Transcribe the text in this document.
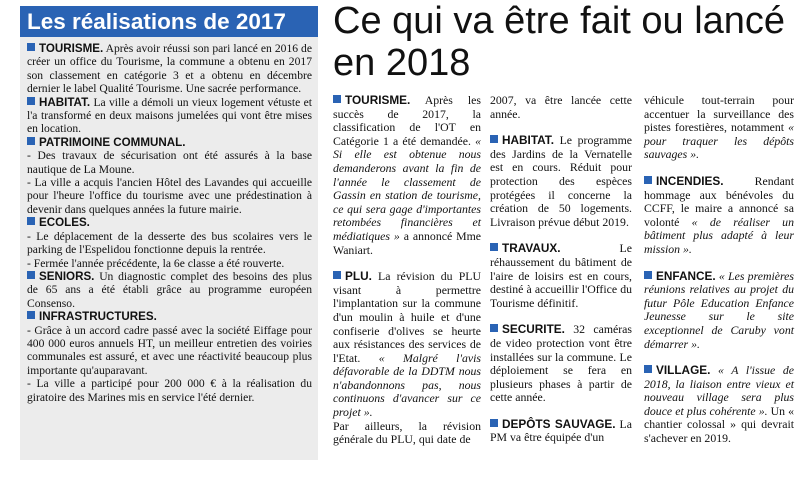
Les réalisations de 2017

TOURISME. Après avoir réussi son pari lancé en 2016 de créer un office du Tourisme, la commune a obtenu en 2017 son classement en catégorie 3 et a obtenu en décembre dernier le label Qualité Tourisme. Une sacrée performance.

HABITAT. La ville a démoli un vieux logement vétuste et l'a transformé en deux maisons jumelées qui vont être mises en location.

PATRIMOINE COMMUNAL.

- Des travaux de sécurisation ont été assurés à la base nautique de La Moune.

- La ville a acquis l'ancien Hôtel des Lavandes qui accueille pour l'heure l'office du tourisme avec une prédestination à devenir dans quelques années la future mairie.

ECOLES.

- Le déplacement de la desserte des bus scolaires vers le parking de l'Espelidou fonctionne depuis la rentrée.

- Fermée l'année précédente, la 6e classe a été rouverte.

SENIORS. Un diagnostic complet des besoins des plus de 65 ans a été établi grâce au programme européen Consenso.

INFRASTRUCTURES.

- Grâce à un accord cadre passé avec la société Eiffage pour 400 000 euros annuels HT, un meilleur entretien des voiries communales est assuré, et avec une réactivité beaucoup plus importante qu'auparavant.

- La ville a participé pour 200 000 € à la réalisation du giratoire des Marines mis en service l'été dernier.

Ce qui va être fait ou lancé en 2018

TOURISME. Après les succès de 2017, la classification de l'OT en Catégorie 1 a été demandée. « Si elle est obtenue nous demanderons avant la fin de l'année le classement de Gassin en station de tourisme, ce qui sera gage d'importantes retombées financières et médiatiques » a annoncé Mme Waniart.

PLU. La révision du PLU visant à permettre l'implantation sur la commune d'un moulin à huile et d'une confiserie d'olives se heurte aux résistances des services de l'Etat. « Malgré l'avis défavorable de la DDTM nous n'abandonnons pas, nous continuons d'avancer sur ce projet ».

Par ailleurs, la révision générale du PLU, qui date de

2007, va être lancée cette année.

HABITAT. Le programme des Jardins de la Vernatelle est en cours. Réduit pour protection des espèces protégées il concerne la création de 50 logements. Livraison prévue début 2019.

TRAVAUX.	Le réhaussement du bâtiment de l'aire de loisirs est en cours, destiné à accueillir l'Office du Tourisme définitif.

SECURITE. 32 caméras de video protection vont être installées sur la commune. Le déploiement se fera en plusieurs phases à partir de cette année.

DEPÔTS SAUVAGE. La PM va être équipée d'un

véhicule tout-terrain pour accentuer la surveillance des pistes forestières, notamment « pour traquer les dépôts sauvages ».

INCENDIES.	Rendant hommage aux bénévoles du CCFF, le maire a annoncé sa volonté « de réaliser un bâtiment plus adapté à leur mission ».

ENFANCE. « Les premières réunions relatives au projet du futur Pôle Education Enfance Jeunesse sur le site exceptionnel de Caruby vont démarrer ».

VILLAGE. « A l'issue de 2018, la liaison entre vieux et nouveau village sera plus douce et plus cohérente ». Un « chantier colossal » qui devrait s'achever en 2019.
